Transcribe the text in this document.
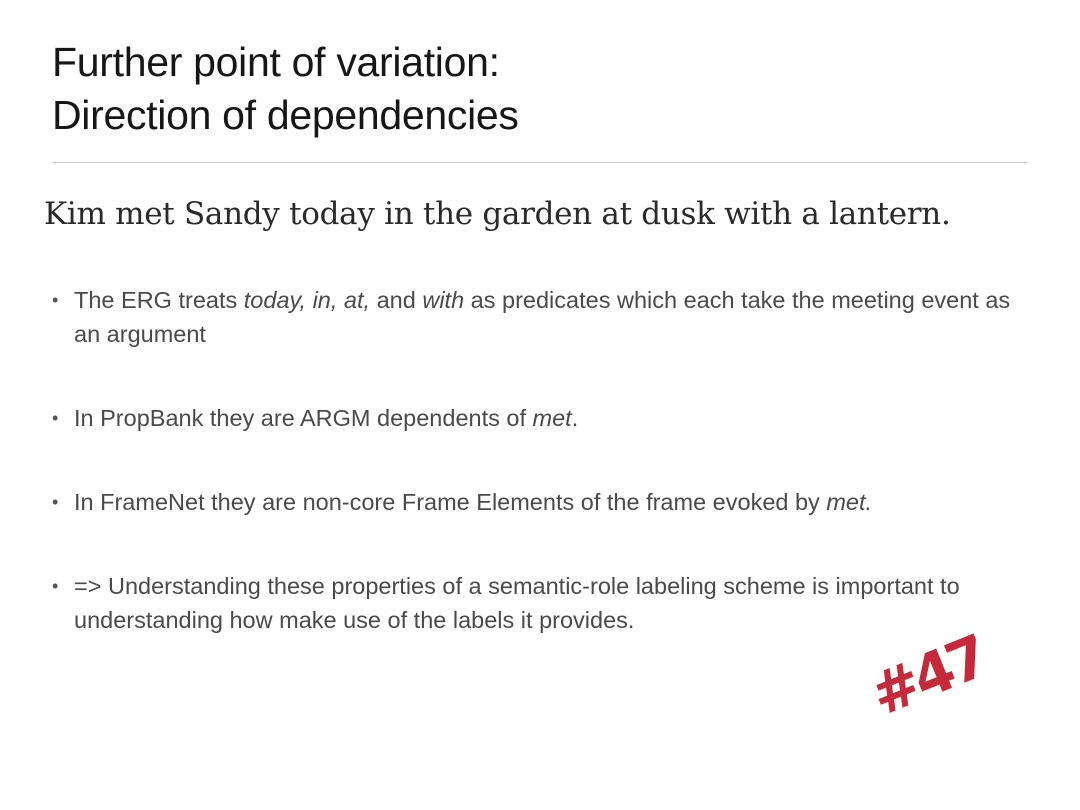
Further point of variation:
Direction of dependencies
Kim met Sandy today in the garden at dusk with a lantern.
• The ERG treats today, in, at, and with as predicates which each take the meeting event as an argument
• In PropBank they are ARGM dependents of met.
• In FrameNet they are non-core Frame Elements of the frame evoked by met.
• => Understanding these properties of a semantic-role labeling scheme is important to understanding how make use of the labels it provides.
#47
